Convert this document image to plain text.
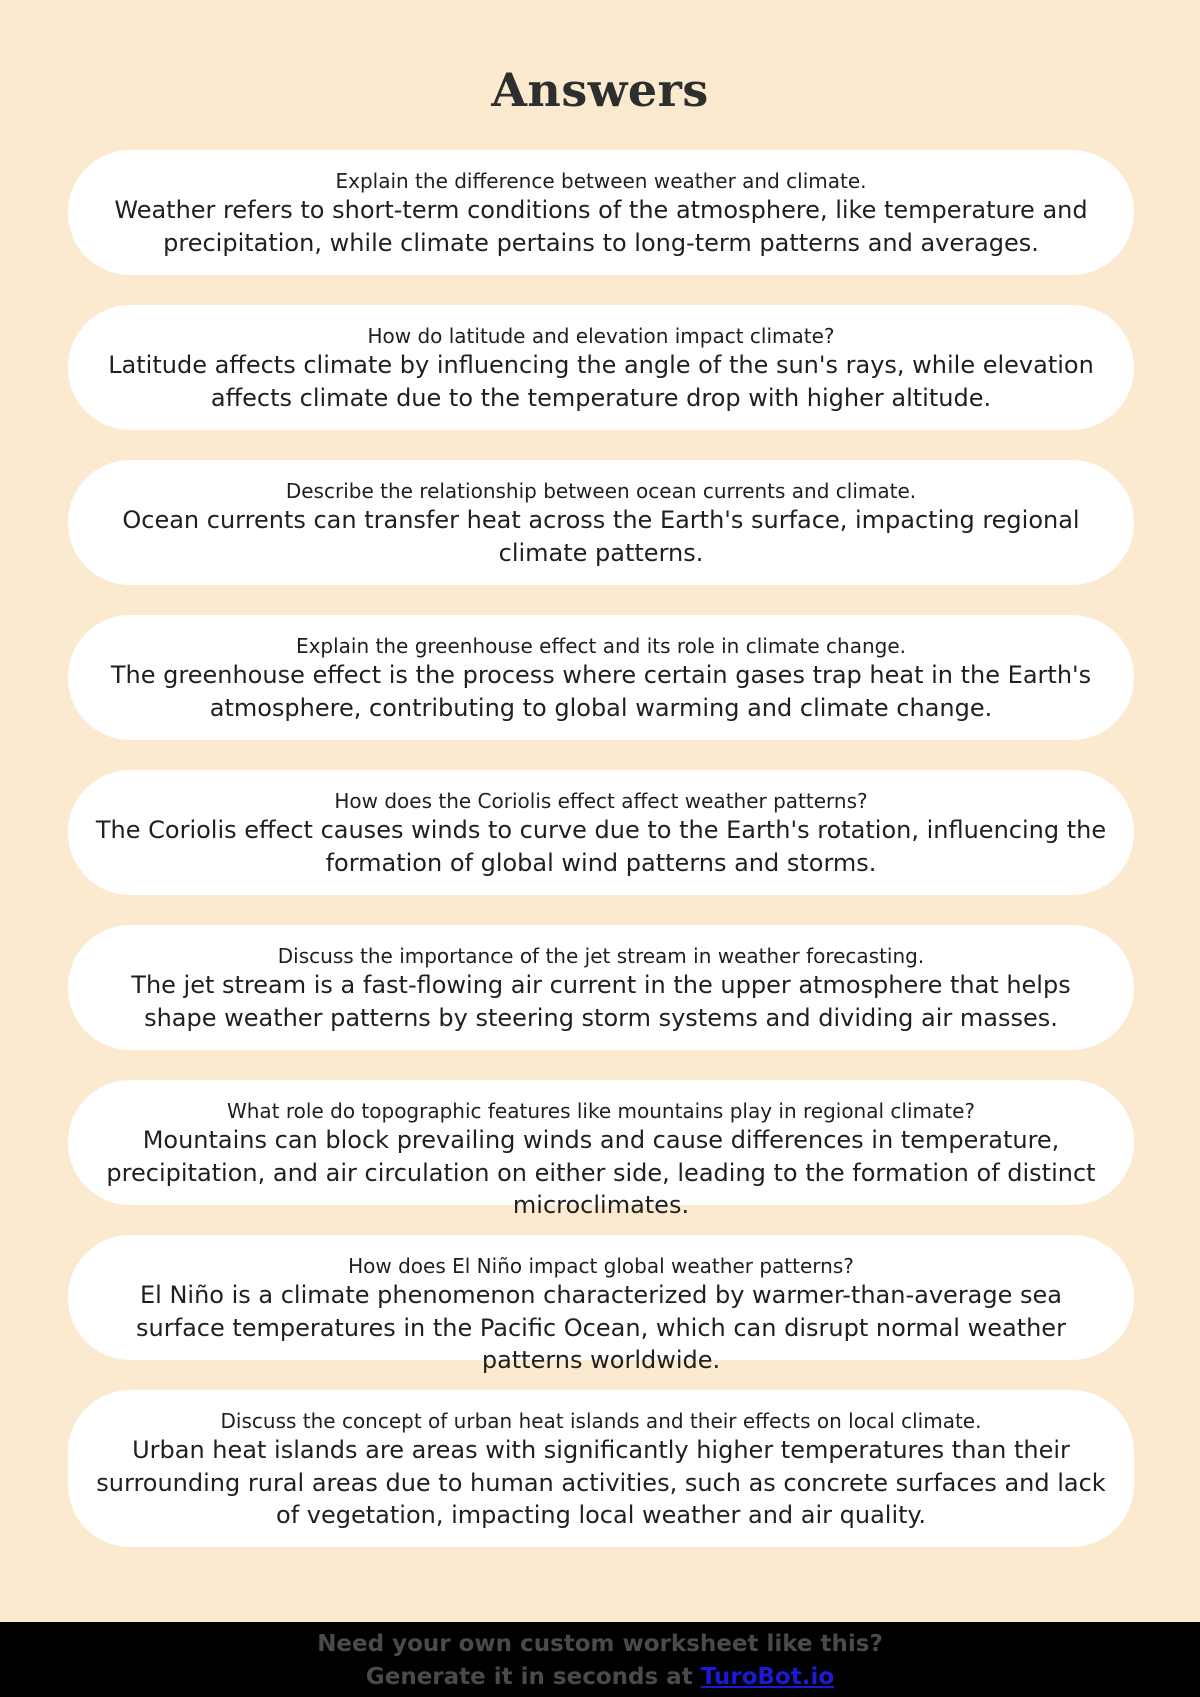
Answers
Explain the difference between weather and climate.
Weather refers to short-term conditions of the atmosphere, like temperature and precipitation, while climate pertains to long-term patterns and averages.
How do latitude and elevation impact climate?
Latitude affects climate by influencing the angle of the sun's rays, while elevation affects climate due to the temperature drop with higher altitude.
Describe the relationship between ocean currents and climate.
Ocean currents can transfer heat across the Earth's surface, impacting regional climate patterns.
Explain the greenhouse effect and its role in climate change.
The greenhouse effect is the process where certain gases trap heat in the Earth's atmosphere, contributing to global warming and climate change.
How does the Coriolis effect affect weather patterns?
The Coriolis effect causes winds to curve due to the Earth's rotation, influencing the formation of global wind patterns and storms.
Discuss the importance of the jet stream in weather forecasting.
The jet stream is a fast-flowing air current in the upper atmosphere that helps shape weather patterns by steering storm systems and dividing air masses.
What role do topographic features like mountains play in regional climate?
Mountains can block prevailing winds and cause differences in temperature, precipitation, and air circulation on either side, leading to the formation of distinct microclimates.
How does El Niño impact global weather patterns?
El Niño is a climate phenomenon characterized by warmer-than-average sea surface temperatures in the Pacific Ocean, which can disrupt normal weather patterns worldwide.
Discuss the concept of urban heat islands and their effects on local climate.
Urban heat islands are areas with significantly higher temperatures than their surrounding rural areas due to human activities, such as concrete surfaces and lack of vegetation, impacting local weather and air quality.
Need your own custom worksheet like this?
Generate it in seconds at TuroBot.io
